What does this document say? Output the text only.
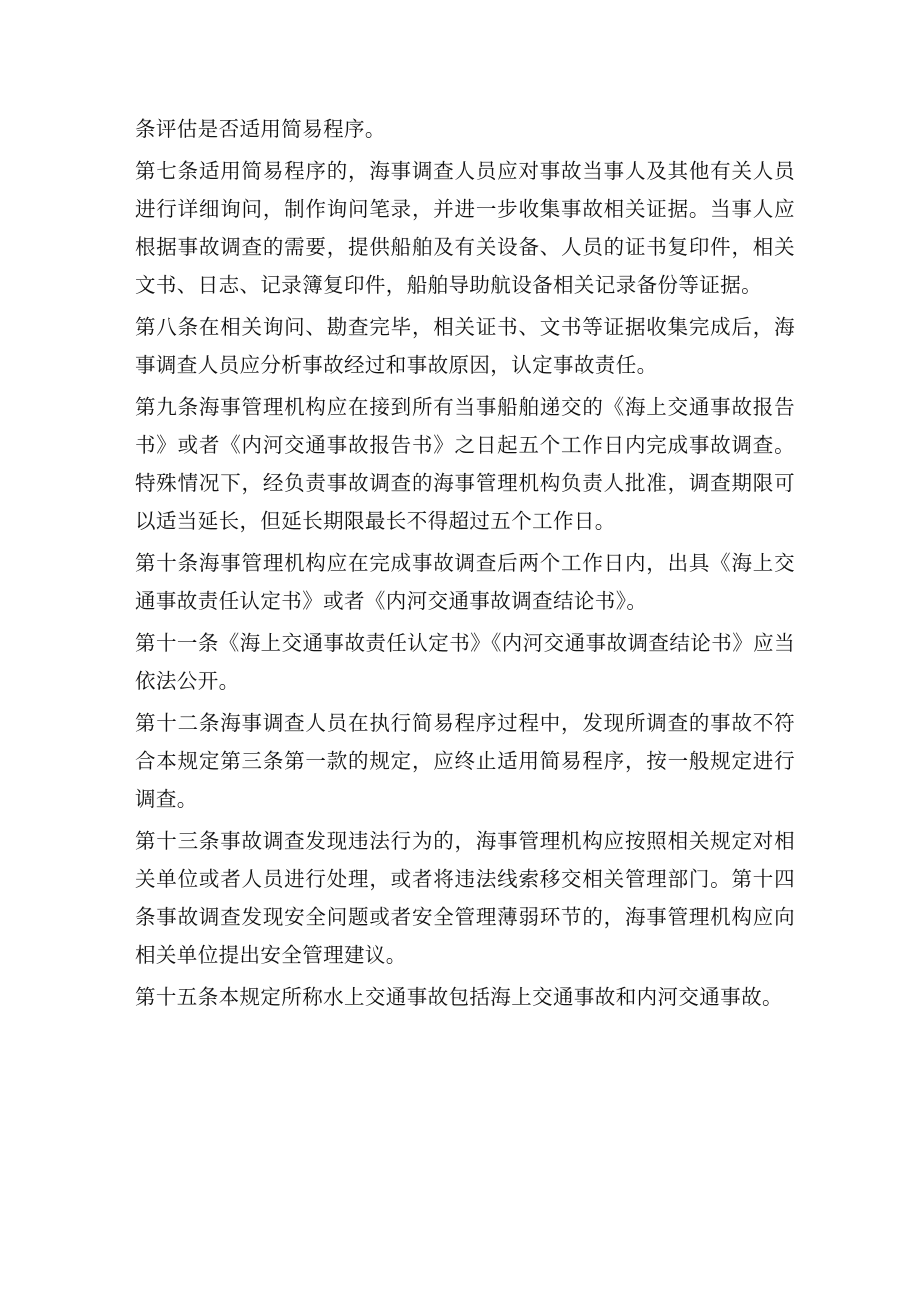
条评估是否适用简易程序。

第七条适用简易程序的，海事调查人员应对事故当事人及其他有关人员进行详细询问，制作询问笔录，并进一步收集事故相关证据。当事人应根据事故调查的需要，提供船舶及有关设备、人员的证书复印件，相关文书、日志、记录簿复印件，船舶导助航设备相关记录备份等证据。

第八条在相关询问、勘查完毕，相关证书、文书等证据收集完成后，海事调查人员应分析事故经过和事故原因，认定事故责任。

第九条海事管理机构应在接到所有当事船舶递交的《海上交通事故报告书》或者《内河交通事故报告书》之日起五个工作日内完成事故调查。特殊情况下，经负责事故调查的海事管理机构负责人批准，调查期限可以适当延长，但延长期限最长不得超过五个工作日。

第十条海事管理机构应在完成事故调查后两个工作日内，出具《海上交通事故责任认定书》或者《内河交通事故调查结论书》。

第十一条《海上交通事故责任认定书》《内河交通事故调查结论书》应当依法公开。

第十二条海事调查人员在执行简易程序过程中，发现所调查的事故不符合本规定第三条第一款的规定，应终止适用简易程序，按一般规定进行调查。

第十三条事故调查发现违法行为的，海事管理机构应按照相关规定对相关单位或者人员进行处理，或者将违法线索移交相关管理部门。第十四条事故调查发现安全问题或者安全管理薄弱环节的，海事管理机构应向相关单位提出安全管理建议。

第十五条本规定所称水上交通事故包括海上交通事故和内河交通事故。
